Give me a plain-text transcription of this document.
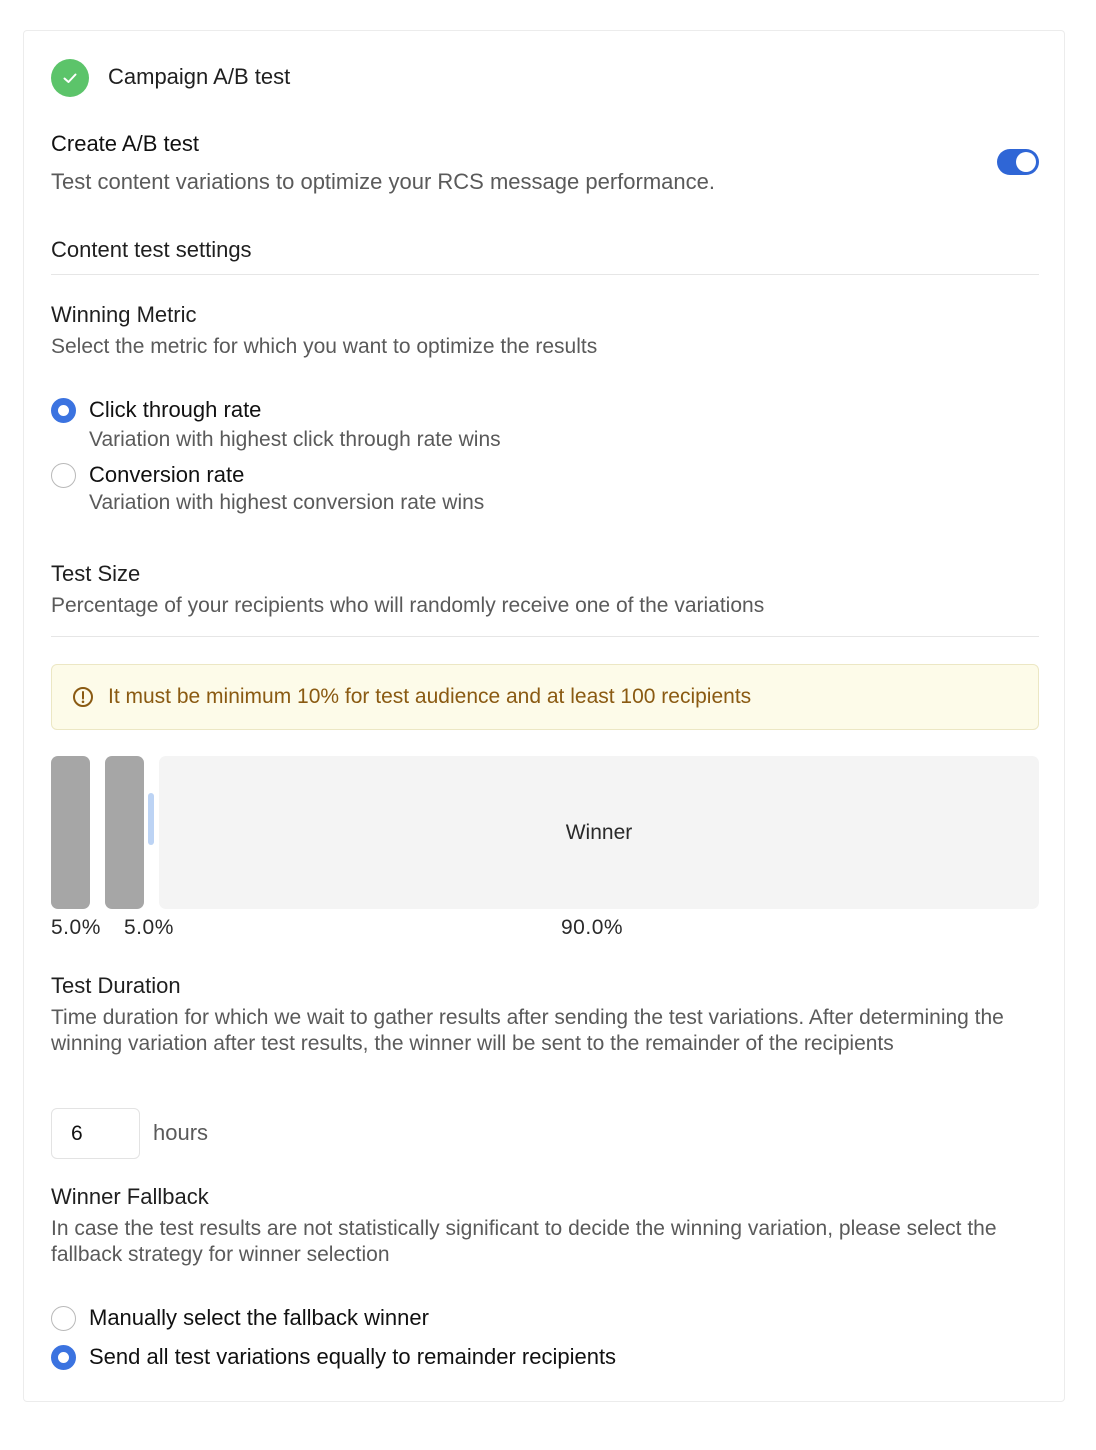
Campaign A/B test
Create A/B test
Test content variations to optimize your RCS message performance.
Content test settings
Winning Metric
Select the metric for which you want to optimize the results
Click through rate
Variation with highest click through rate wins
Conversion rate
Variation with highest conversion rate wins
Test Size
Percentage of your recipients who will randomly receive one of the variations
It must be minimum 10% for test audience and at least 100 recipients
Winner
5.0% 5.0%	90.0%
Test Duration
Time duration for which we wait to gather results after sending the test variations. After determining the winning variation after test results, the winner will be sent to the remainder of the recipients
6
hours
Winner Fallback
In case the test results are not statistically significant to decide the winning variation, please select the fallback strategy for winner selection
Manually select the fallback winner
Send all test variations equally to remainder recipients
